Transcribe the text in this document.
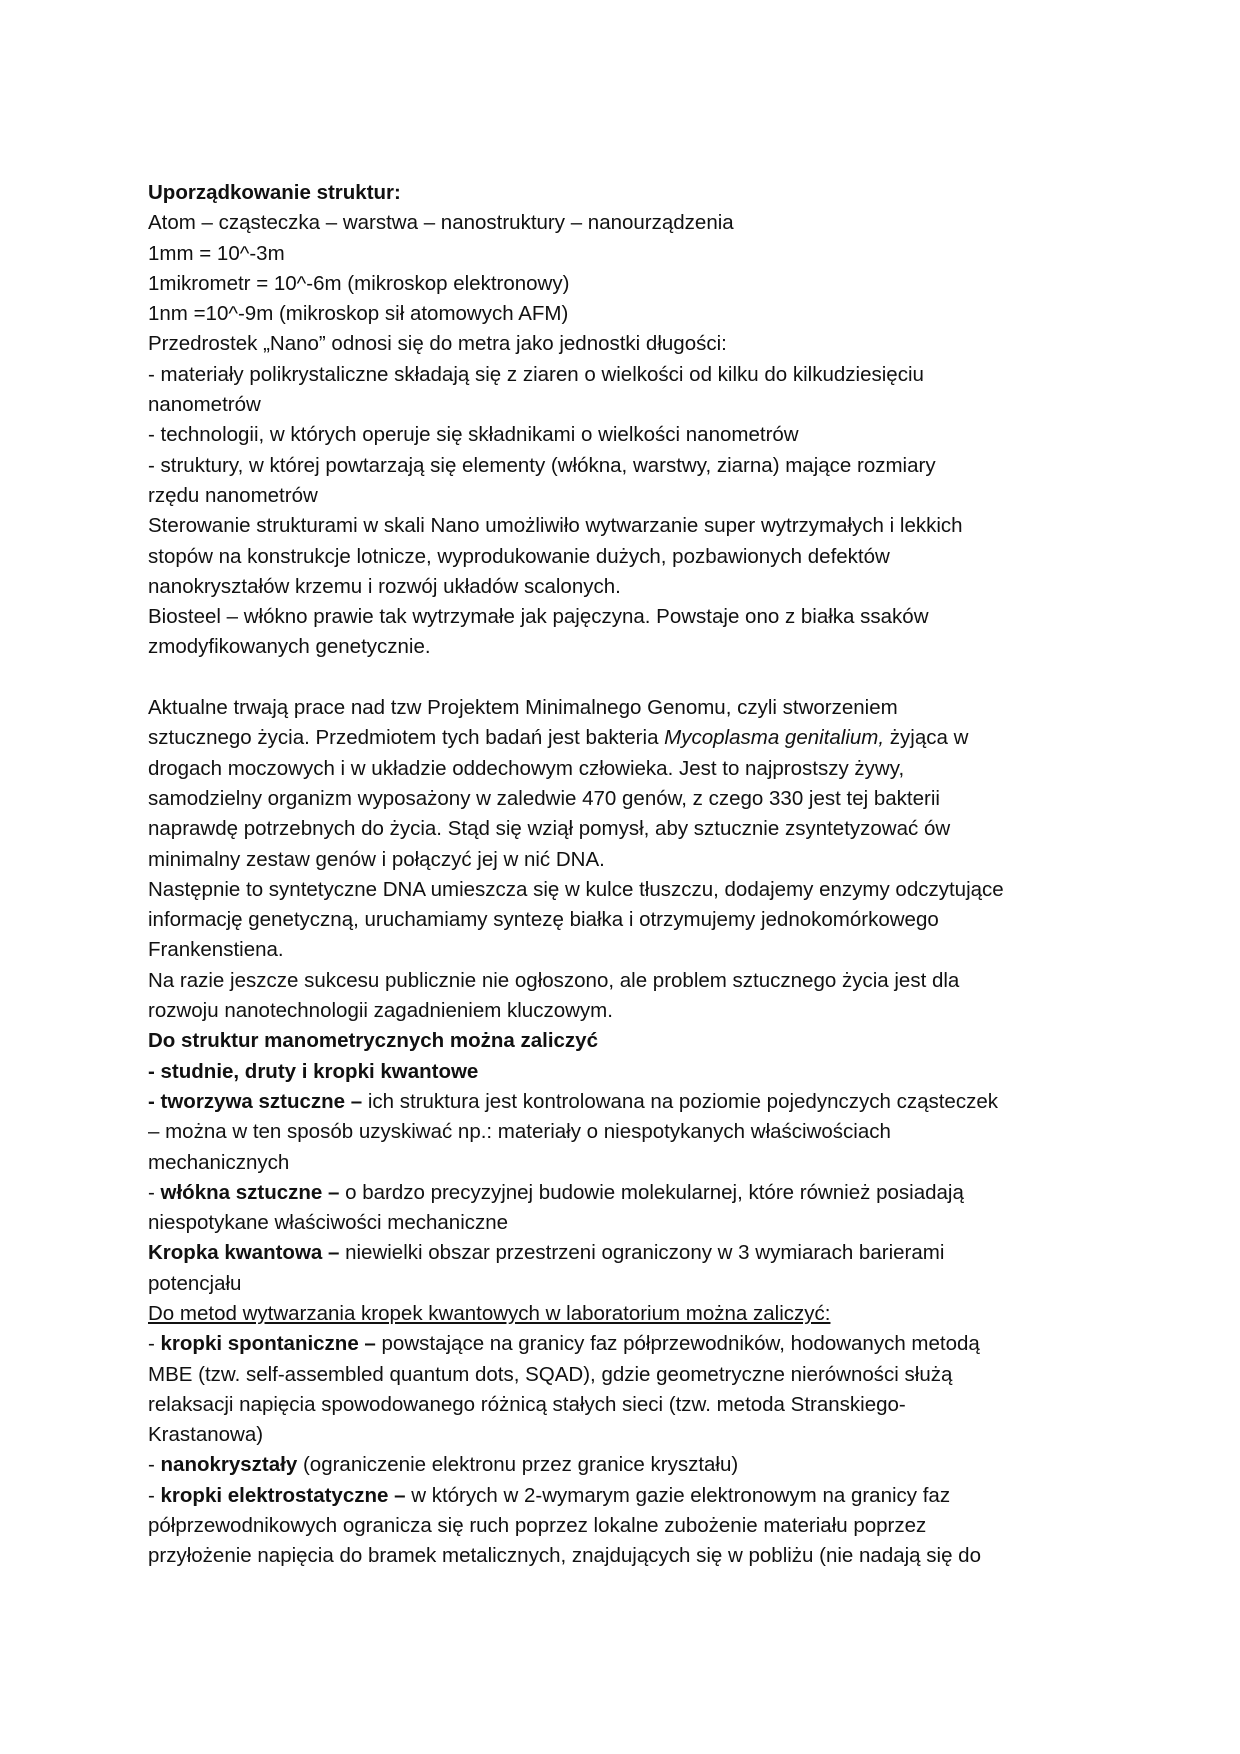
Uporządkowanie struktur:
Atom – cząsteczka – warstwa – nanostruktury – nanourządzenia
1mm = 10^-3m
1mikrometr = 10^-6m (mikroskop elektronowy)
1nm =10^-9m (mikroskop sił atomowych AFM)
Przedrostek „Nano” odnosi się do metra jako jednostki długości:
- materiały polikrystaliczne składają się z ziaren o wielkości od kilku do kilkudziesięciu
nanometrów
- technologii, w których operuje się składnikami o wielkości nanometrów
- struktury, w której powtarzają się elementy (włókna, warstwy, ziarna) mające rozmiary
rzędu nanometrów
Sterowanie strukturami w skali Nano umożliwiło wytwarzanie super wytrzymałych i lekkich
stopów na konstrukcje lotnicze, wyprodukowanie dużych, pozbawionych defektów
nanokryształów krzemu i rozwój układów scalonych.
Biosteel – włókno prawie tak wytrzymałe jak pajęczyna. Powstaje ono z białka ssaków
zmodyfikowanych genetycznie.
Aktualne trwają prace nad tzw Projektem Minimalnego Genomu, czyli stworzeniem
sztucznego życia. Przedmiotem tych badań jest bakteria Mycoplasma genitalium, żyjąca w
drogach moczowych i w układzie oddechowym człowieka. Jest to najprostszy żywy,
samodzielny organizm wyposażony w zaledwie 470 genów, z czego 330 jest tej bakterii
naprawdę potrzebnych do życia. Stąd się wziął pomysł, aby sztucznie zsyntetyzować ów
minimalny zestaw genów i połączyć jej w nić DNA.
Następnie to syntetyczne DNA umieszcza się w kulce tłuszczu, dodajemy enzymy odczytujące
informację genetyczną, uruchamiamy syntezę białka i otrzymujemy jednokomórkowego
Frankenstiena.
Na razie jeszcze sukcesu publicznie nie ogłoszono, ale problem sztucznego życia jest dla
rozwoju nanotechnologii zagadnieniem kluczowym.
Do struktur manometrycznych można zaliczyć
- studnie, druty i kropki kwantowe
- tworzywa sztuczne – ich struktura jest kontrolowana na poziomie pojedynczych cząsteczek
– można w ten sposób uzyskiwać np.: materiały o niespotykanych właściwościach
mechanicznych
- włókna sztuczne – o bardzo precyzyjnej budowie molekularnej, które również posiadają
niespotykane właściwości mechaniczne
Kropka kwantowa – niewielki obszar przestrzeni ograniczony w 3 wymiarach barierami
potencjału
Do metod wytwarzania kropek kwantowych w laboratorium można zaliczyć:
- kropki spontaniczne – powstające na granicy faz półprzewodników, hodowanych metodą
MBE (tzw. self-assembled quantum dots, SQAD), gdzie geometryczne nierówności służą
relaksacji napięcia spowodowanego różnicą stałych sieci (tzw. metoda Stranskiego-
Krastanowa)
- nanokryształy (ograniczenie elektronu przez granice kryształu)
- kropki elektrostatyczne – w których w 2-wymarym gazie elektronowym na granicy faz
półprzewodnikowych ogranicza się ruch poprzez lokalne zubożenie materiału poprzez
przyłożenie napięcia do bramek metalicznych, znajdujących się w pobliżu (nie nadają się do
